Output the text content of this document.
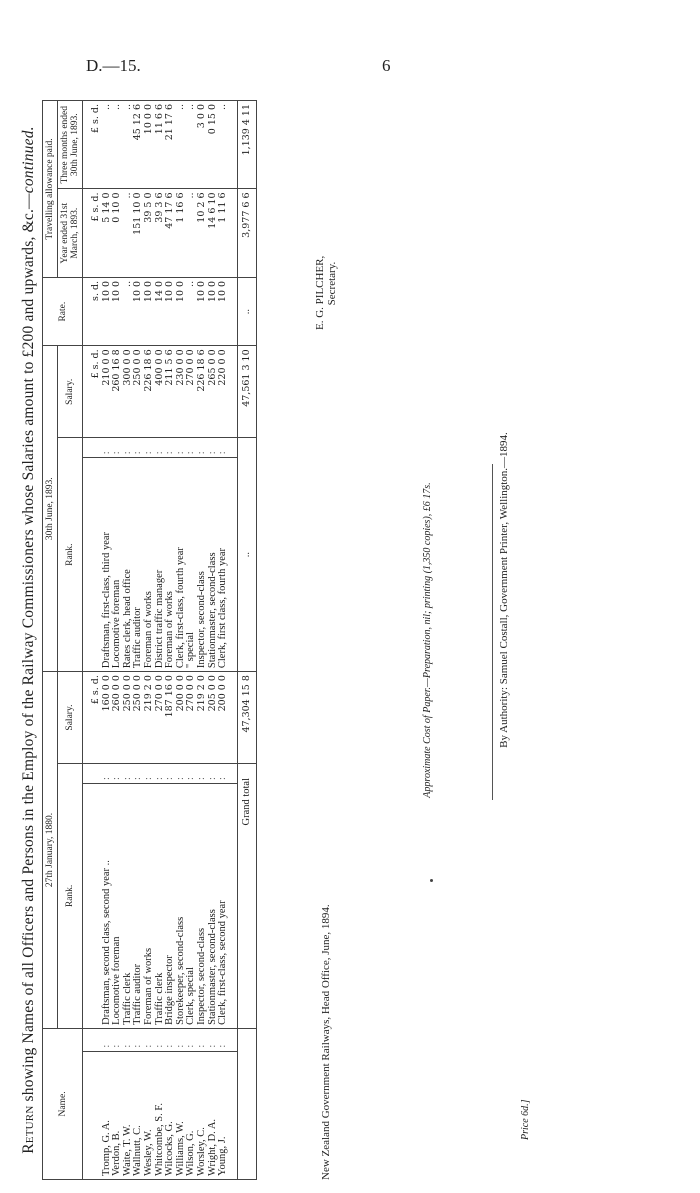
D.—15.	6
Return showing Names of all Officers and Persons in the Employ of the Railway Commissioners whose Salaries amount to £200 and upwards, &c.—continued.
Name.		27th January, 1880.			30th June, 1893.			Rate.	Travelling allowance paid.	
		Rank.		Salary.	Rank.		Salary.		Year ended 31st March, 1893.	Three months ended 30th June, 1893.
				£ s. d.			£ s. d.	s. d.	£ s. d.	£ s. d.
Tromp, G. A.	:	Draftsman, second class, second year ..	:	160 0 0	Draftsman, first-class, third year	:	210 0 0	10 0	5 14 0	..
Verdon, B.	:	Locomotive foreman	:	260 0 0	Locomotive foreman	:	260 16 8	10 0	0 10 0	..
Waite, T. W.	:	Traffic clerk	:	250 0 0	Rates clerk, head office	:	300 0 0	..	..	..
Wallnutt, C.	:	Traffic auditor	:	250 0 0	Traffic auditor	:	250 0 0	10 0	151 10 0	45 12 6
Wesley, W.	:	Foreman of works	:	219 2 0	Foreman of works	:	226 18 6	10 0	39 5 0	10 0 0
Whitcombe, S. F.	:	Traffic clerk	:	270 0 0	District traffic manager	:	400 0 0	14 0	39 3 6	11 6 6
Wilcocks, G.	:	Bridge inspector	:	187 16 0	Foreman of works	:	211 5 6	10 0	47 17 6	21 17 6
Williams, W.	:	Storekeeper, second-class	:	200 0 0	Clerk, first-class, fourth year	:	230 0 0	10 0	1 16 6	..
Wilson, G.	:	Clerk, special	:	270 0 0	" special	:	270 0 0	..	..	..
Worsley, C.	:	Inspector, second-class	:	219 2 0	Inspector, second-class	:	226 18 6	10 0	10 2 6	3 0 0
Wright, D. A.	:	Stationmaster, second-class	:	205 0 0	Stationmaster, second-class	:	265 0 0	10 0	14 6 10	0 15 0
Young, J.	:	Clerk, first-class, second year	:	200 0 0	Clerk, first class, fourth year	:	220 0 0	10 0	1 11 6	..
		Grand total		47,304 15 8	..		47,561 3 10	..	3,977 6 6	1,139 4 11
New Zealand Government Railways, Head Office, June, 1894.
E. G. PILCHER, Secretary.
Approximate Cost of Paper.—Preparation, nil; printing (1,350 copies), £6 17s.	By Authority: Samuel Costall, Government Printer, Wellington.—1894.
Price 6d.]
